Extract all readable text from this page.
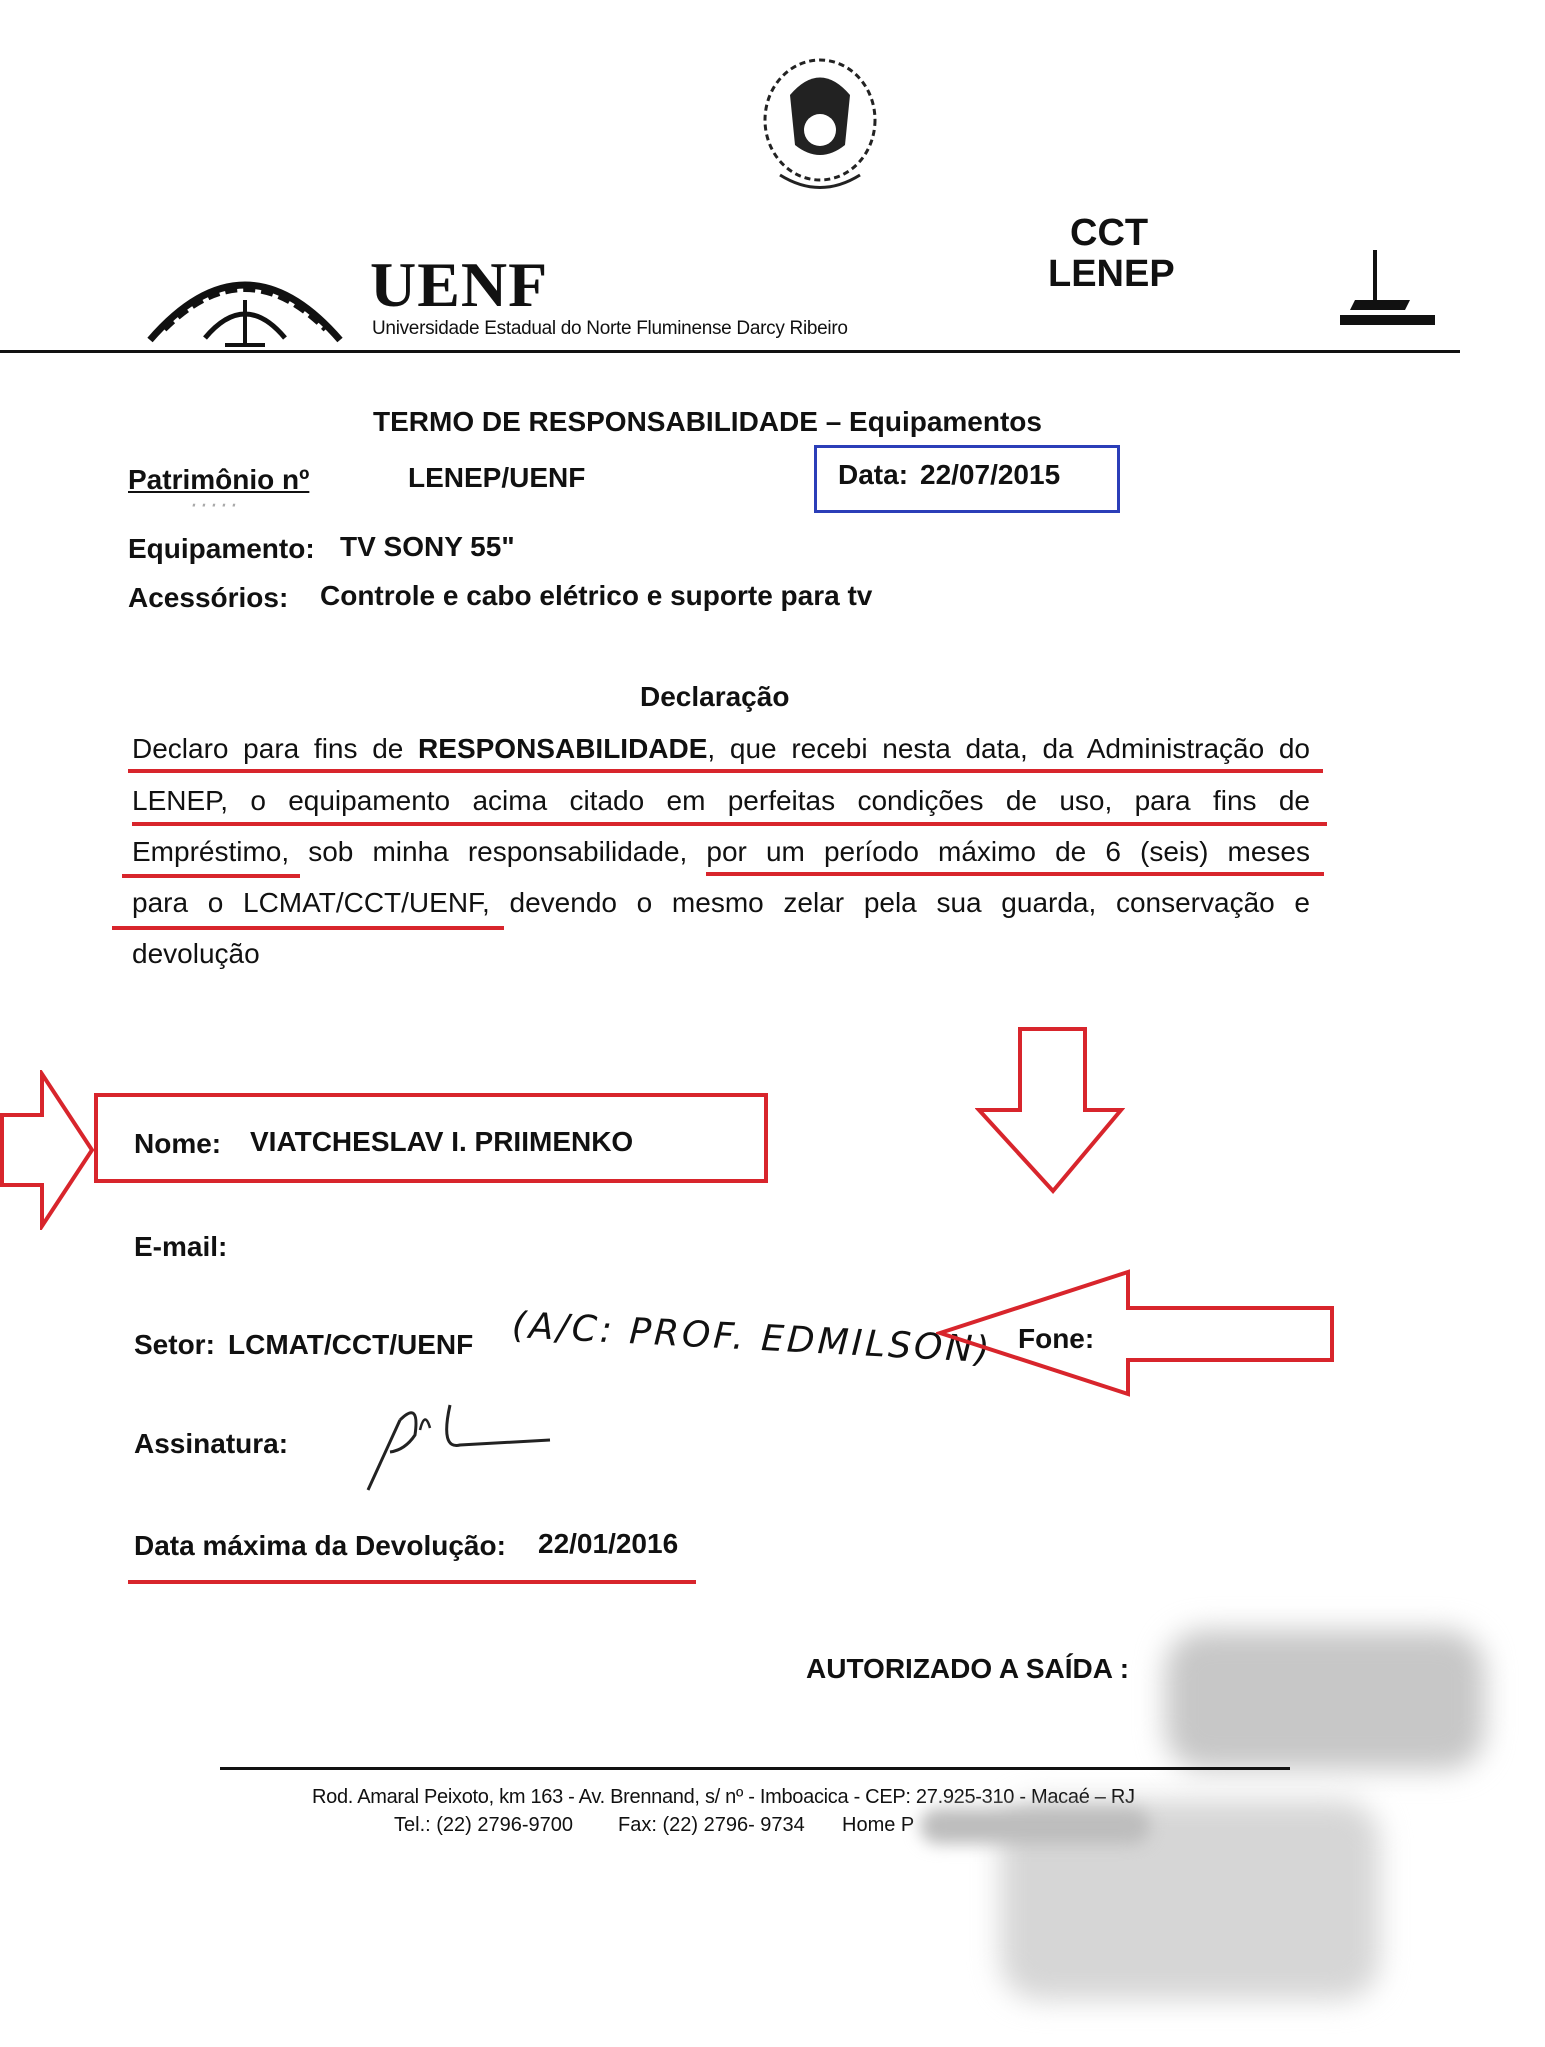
UENF
Universidade Estadual do Norte Fluminense Darcy Ribeiro
CCT
LENEP
TERMO DE RESPONSABILIDADE – Equipamentos
Patrimônio nº
·····
LENEP/UENF	Data: 22/07/2015
Equipamento: TV SONY 55"
Acessórios: Controle e cabo elétrico e suporte para tv
Declaração
Declaro para fins de RESPONSABILIDADE, que recebi nesta data, da Administração do
LENEP, o equipamento acima citado em perfeitas condições de uso, para fins de
Empréstimo, sob minha responsabilidade, por um período máximo de 6 (seis) meses
para o LCMAT/CCT/UENF, devendo o mesmo zelar pela sua guarda, conservação e
devolução
Nome: VIATCHESLAV I. PRIIMENKO
E-mail:
Setor: LCMAT/CCT/UENF (A/C: PROF. EDMILSON) Fone:
Assinatura:
Data máxima da Devolução: 22/01/2016
AUTORIZADO A SAÍDA :
Rod. Amaral Peixoto, km 163 - Av. Brennand, s/ nº - Imboacica - CEP: 27.925-310 - Macaé – RJ
Tel.: (22) 2796-9700 Fax: (22) 2796- 9734 Home P
